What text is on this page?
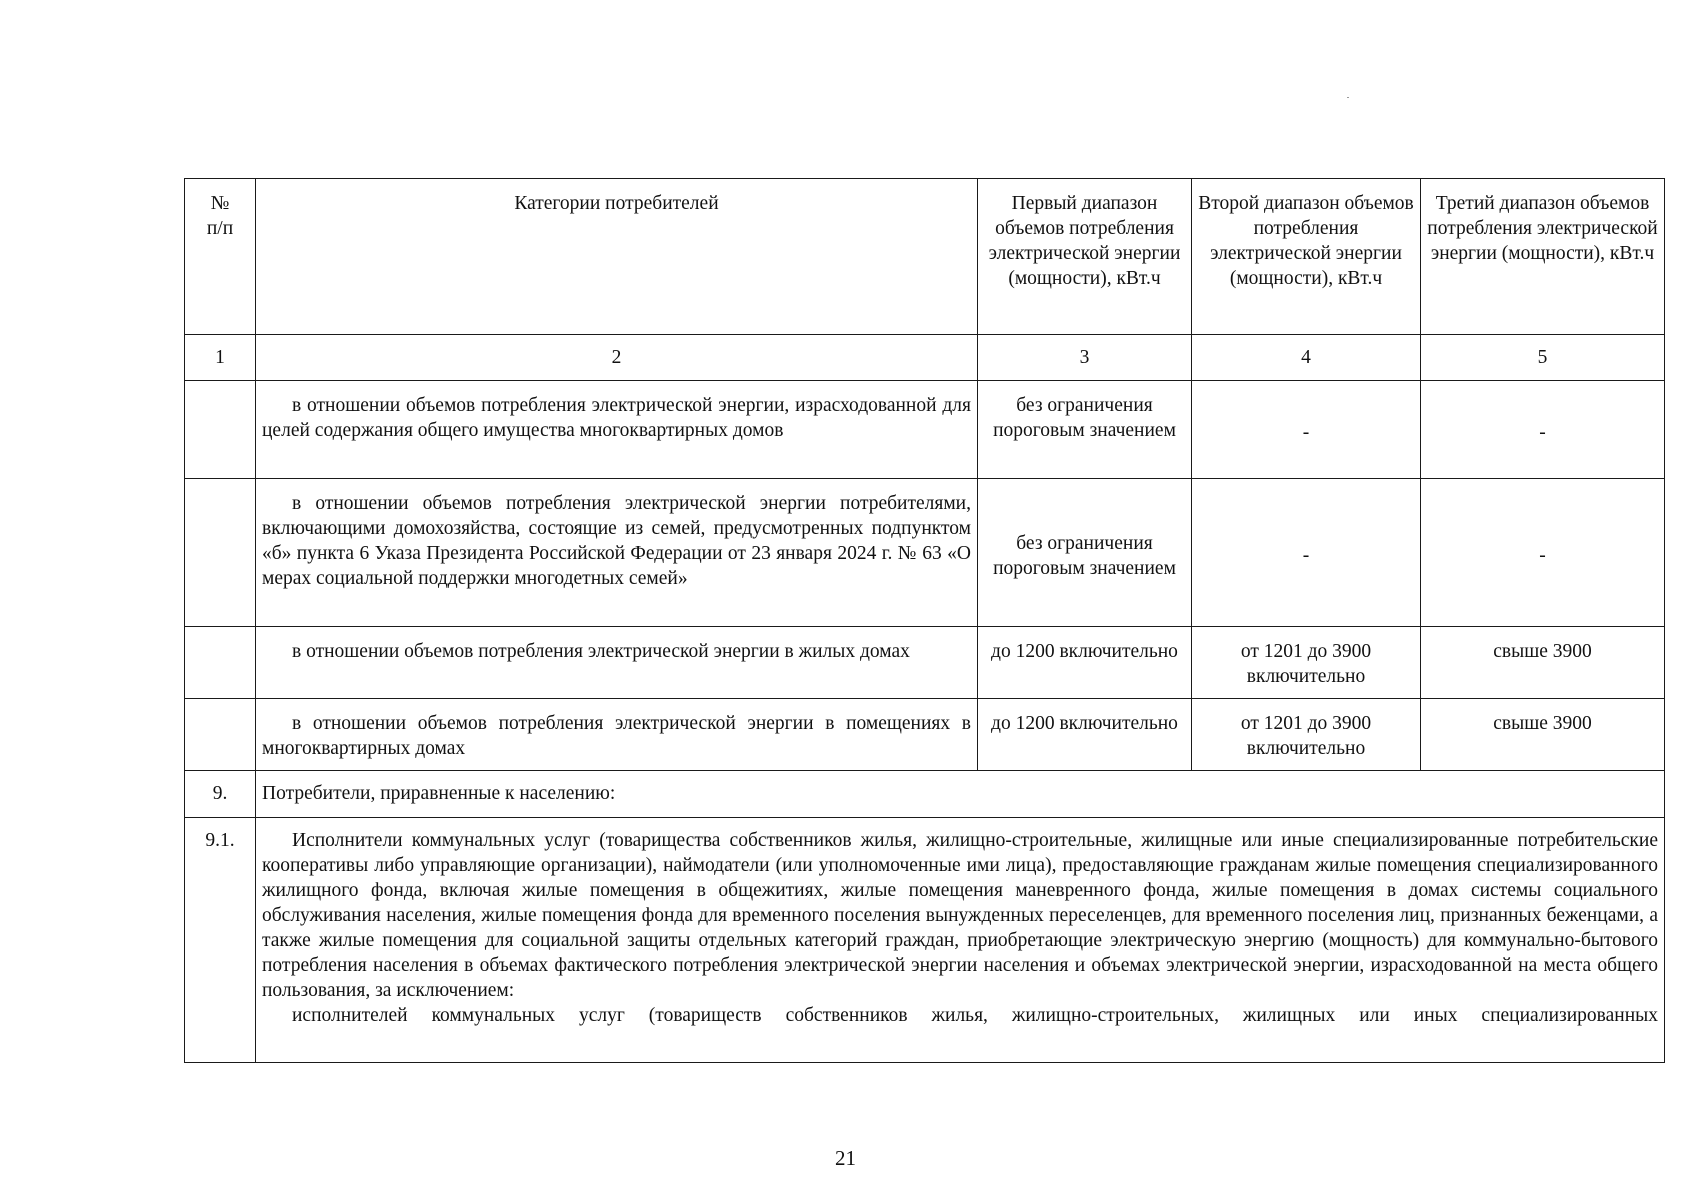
№
п/п	Категории потребителей	Первый диапазон объемов потребления электрической энергии (мощности), кВт.ч	Второй диапазон объемов потребления электрической энергии (мощности), кВт.ч	Третий диапазон объемов потребления электрической энергии (мощности), кВт.ч
1	2	3	4	5
	в отношении объемов потребления электрической энергии, израсходованной для целей содержания общего имущества многоквартирных домов	без ограничения пороговым значением	-	-
	в отношении объемов потребления электрической энергии потребителями, включающими домохозяйства, состоящие из семей, предусмотренных подпунктом «б» пункта 6 Указа Президента Российской Федерации от 23 января 2024 г. № 63 «О мерах социальной поддержки многодетных семей»	без ограничения пороговым значением	-	-
	в отношении объемов потребления электрической энергии в жилых домах	до 1200 включительно	от 1201 до 3900 включительно	свыше 3900
	в отношении объемов потребления электрической энергии в помещениях в многоквартирных домах	до 1200 включительно	от 1201 до 3900 включительно	свыше 3900
9.	Потребители, приравненные к населению:			
9.1.	Исполнители коммунальных услуг (товарищества собственников жилья, жилищно-строительные, жилищные или иные специализированные потребительские кооперативы либо управляющие организации), наймодатели (или уполномоченные ими лица), предоставляющие гражданам жилые помещения специализированного жилищного фонда, включая жилые помещения в общежитиях, жилые помещения маневренного фонда, жилые помещения в домах системы социального обслуживания населения, жилые помещения фонда для временного поселения вынужденных переселенцев, для временного поселения лиц, признанных беженцами, а также жилые помещения для социальной защиты отдельных категорий граждан, приобретающие электрическую энергию (мощность) для коммунально-бытового потребления населения в объемах фактического потребления электрической энергии населения и объемах электрической энергии, израсходованной на места общего пользования, за исключением:
исполнителей коммунальных услуг (товариществ собственников жилья, жилищно-строительных, жилищных или иных специализированных			
21
